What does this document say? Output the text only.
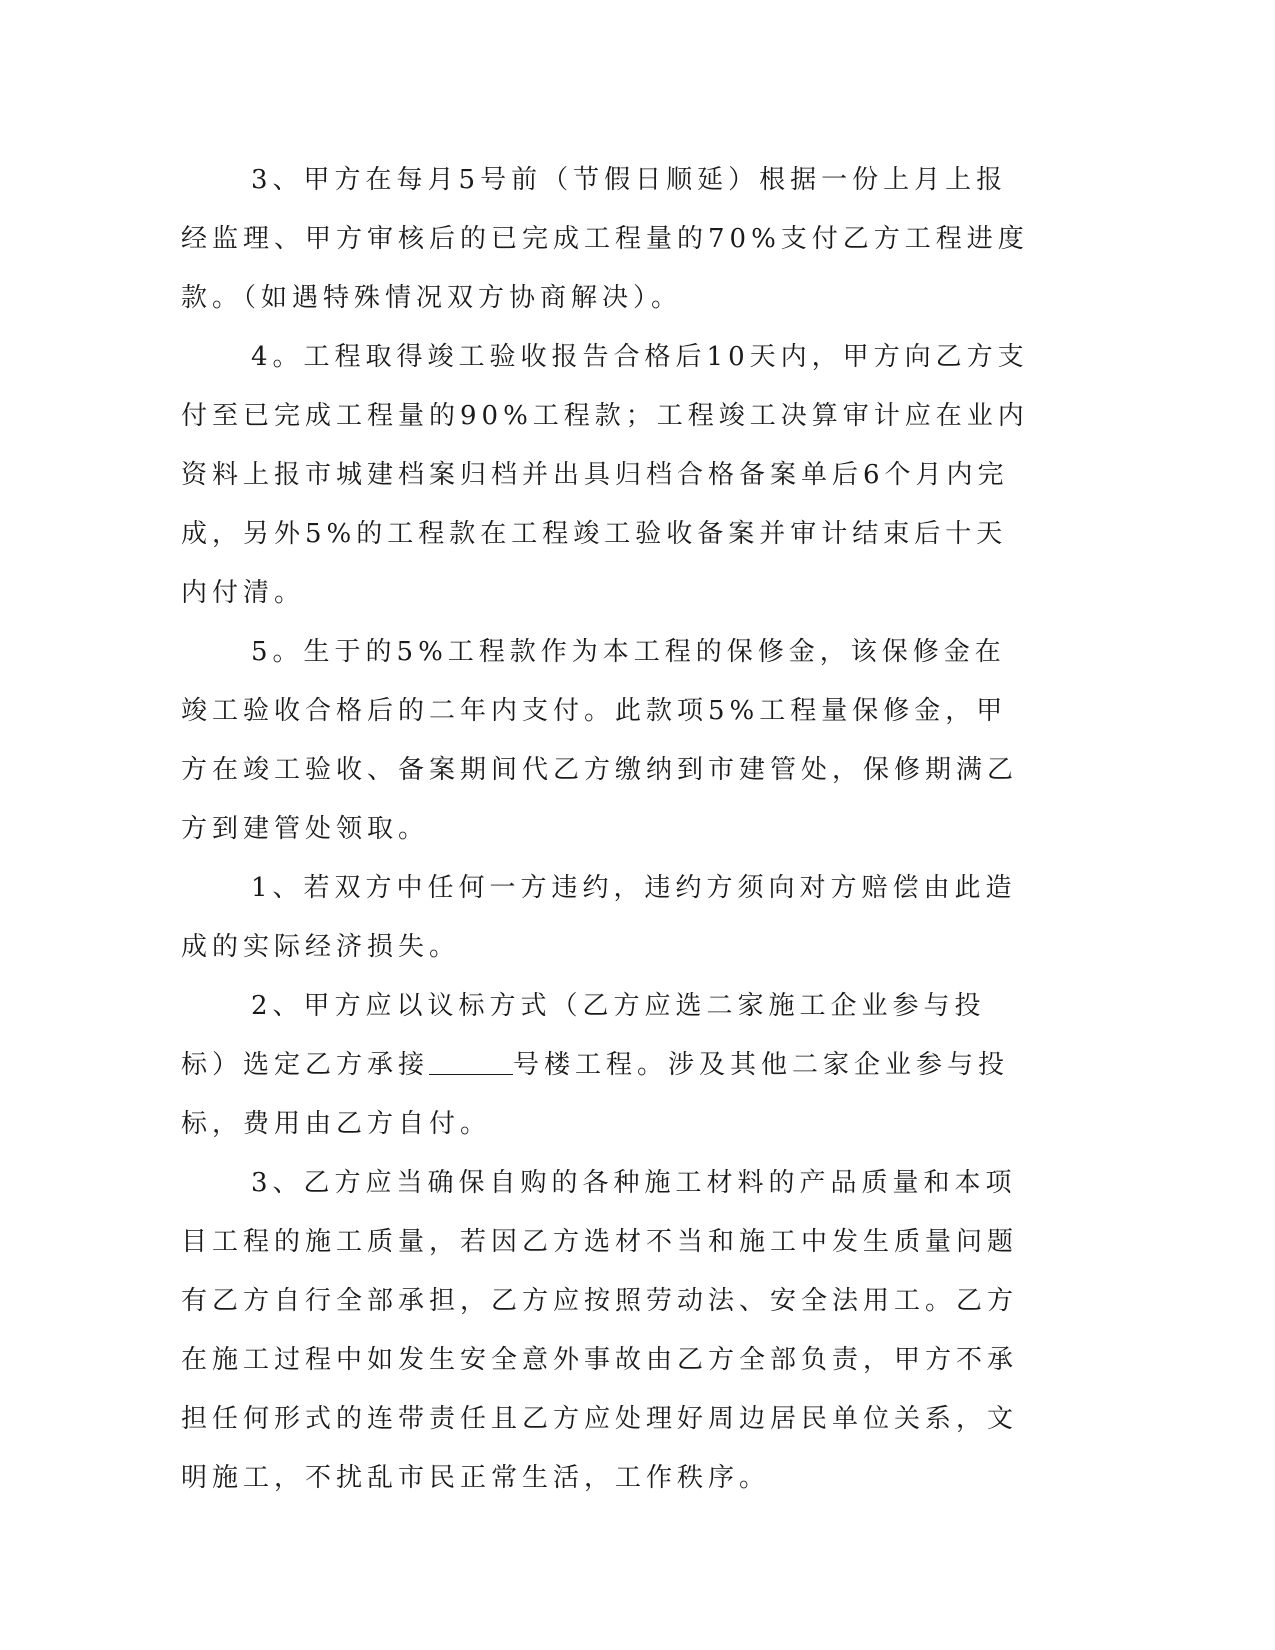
3、甲方在每月5号前（节假日顺延）根据一份上月上报经监理、甲方审核后的已完成工程量的70%支付乙方工程进度款。（如遇特殊情况双方协商解决）。

4。工程取得竣工验收报告合格后10天内，甲方向乙方支付至已完成工程量的90%工程款；工程竣工决算审计应在业内资料上报市城建档案归档并出具归档合格备案单后6个月内完成，另外5%的工程款在工程竣工验收备案并审计结束后十天内付清。

5。生于的5%工程款作为本工程的保修金，该保修金在竣工验收合格后的二年内支付。此款项5%工程量保修金，甲方在竣工验收、备案期间代乙方缴纳到市建管处，保修期满乙方到建管处领取。

1、若双方中任何一方违约，违约方须向对方赔偿由此造成的实际经济损失。

2、甲方应以议标方式（乙方应选二家施工企业参与投标）选定乙方承接	号楼工程。涉及其他二家企业参与投标，费用由乙方自付。

3、乙方应当确保自购的各种施工材料的产品质量和本项目工程的施工质量，若因乙方选材不当和施工中发生质量问题有乙方自行全部承担，乙方应按照劳动法、安全法用工。乙方在施工过程中如发生安全意外事故由乙方全部负责，甲方不承担任何形式的连带责任且乙方应处理好周边居民单位关系，文明施工，不扰乱市民正常生活，工作秩序。
